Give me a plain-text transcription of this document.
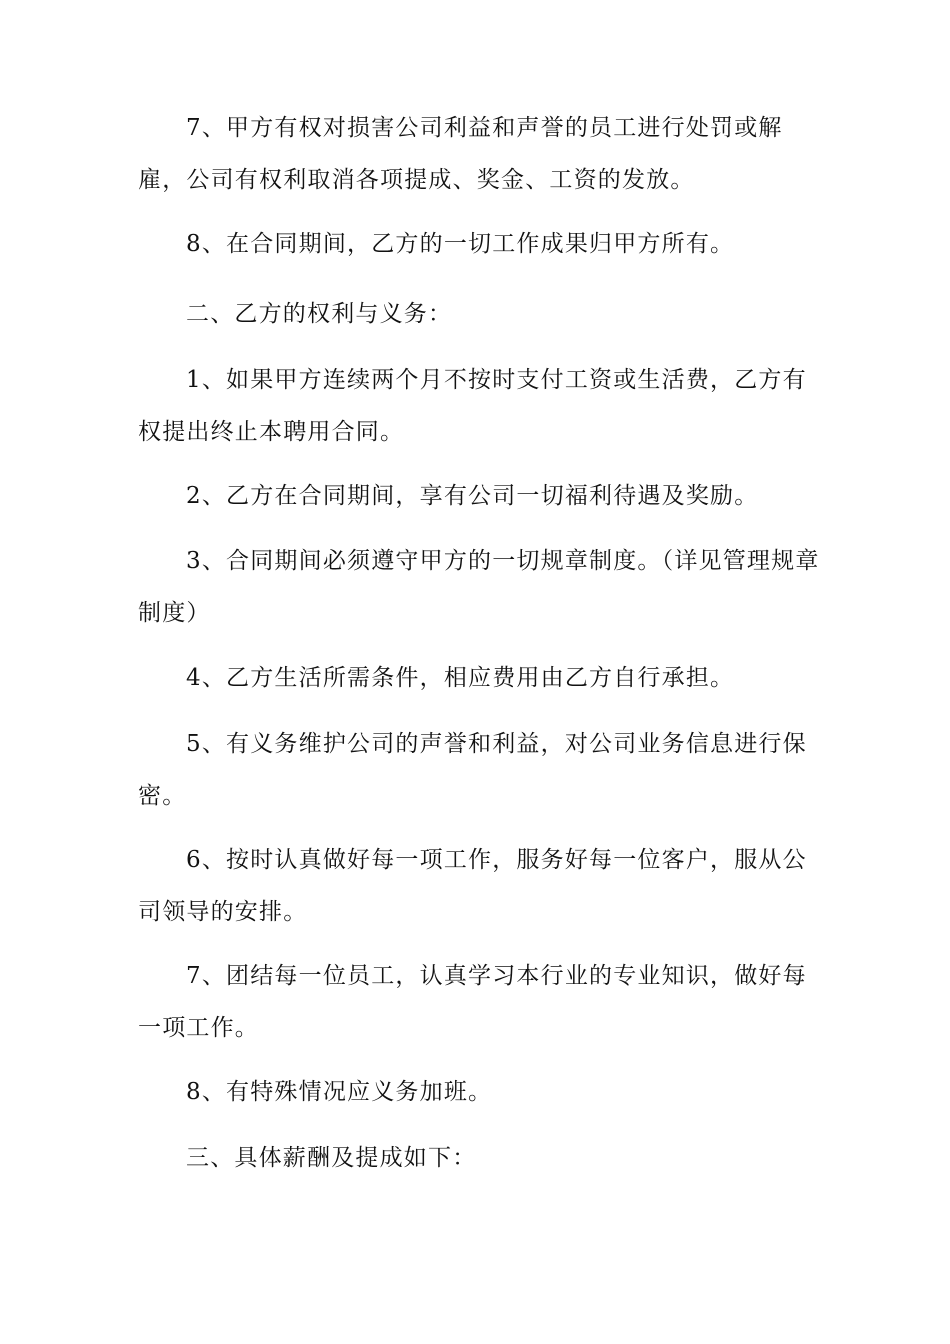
7、甲方有权对损害公司利益和声誉的员工进行处罚或解雇，公司有权利取消各项提成、奖金、工资的发放。

8、在合同期间，乙方的一切工作成果归甲方所有。

二、乙方的权利与义务：

1、如果甲方连续两个月不按时支付工资或生活费，乙方有 权提出终止本聘用合同。

2、乙方在合同期间，享有公司一切福利待遇及奖励。

3、合同期间必须遵守甲方的一切规章制度。（详见管理规章制度）

4、乙方生活所需条件，相应费用由乙方自行承担。

5、有义务维护公司的声誉和利益，对公司业务信息进行保密。

6、按时认真做好每一项工作，服务好每一位客户，服从公 司领导的安排。

7、团结每一位员工，认真学习本行业的专业知识，做好每 一项工作。

8、有特殊情况应义务加班。

三、具体薪酬及提成如下：
